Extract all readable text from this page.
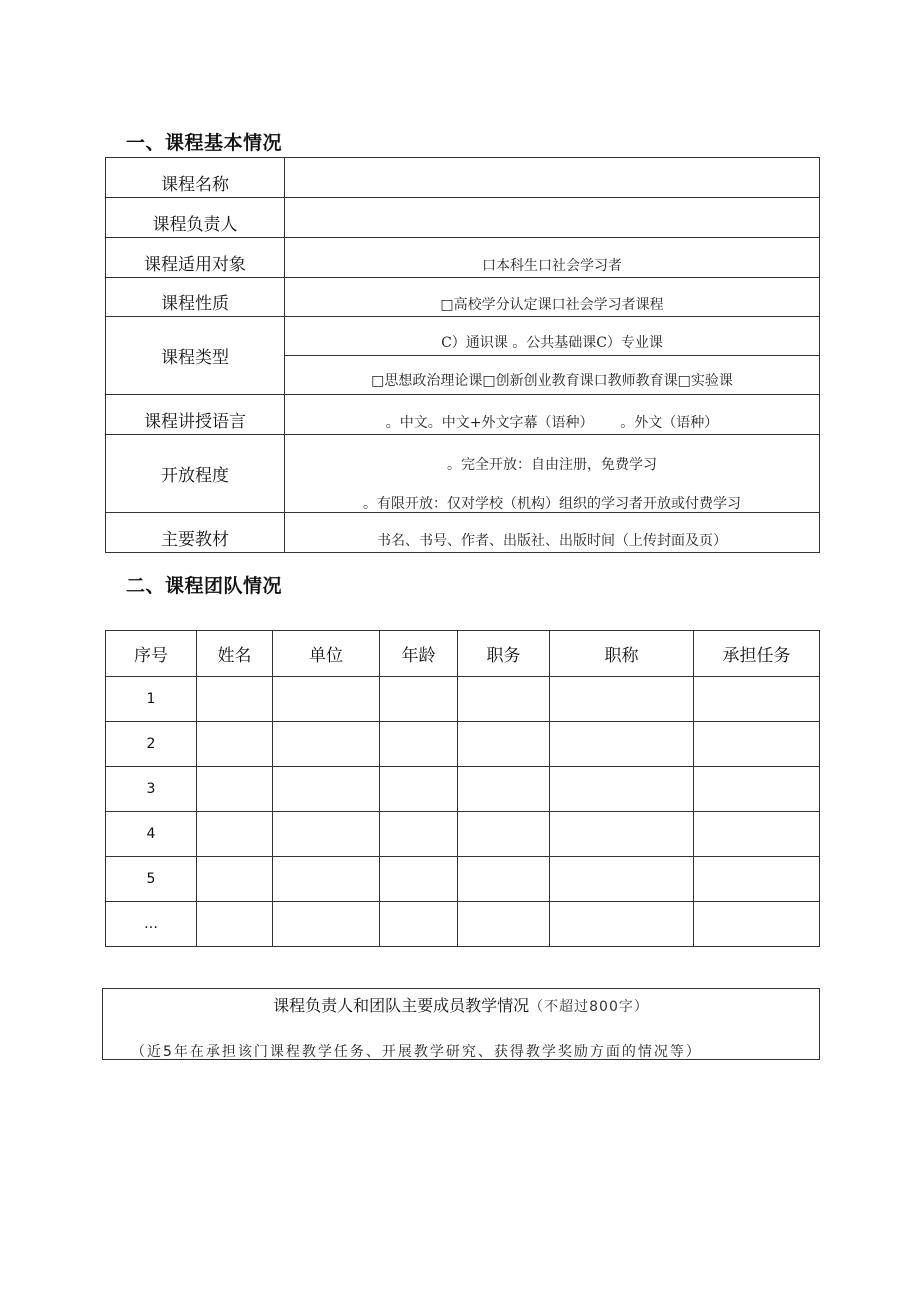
一、课程基本情况
课程名称	
课程负责人	
课程适用对象	口本科生口社会学习者
课程性质	□高校学分认定课口社会学习者课程
课程类型	C）通识课 。公共基础课C）专业课
	□思想政治理论课□创新创业教育课口教师教育课□实验课
课程讲授语言	。中文。中文+外文字幕（语种）      。外文（语种）
开放程度	。完全开放：自由注册，免费学习
。有限开放：仅对学校（机构）组织的学习者开放或付费学习

主要教材	书名、书号、作者、出版社、出版时间（上传封面及页）
二、课程团队情况
序号	姓名	单位	年龄	职务	职称	承担任务
1						
2						
3						
4						
5						
…						
课程负责人和团队主要成员教学情况（不超过800字）
（近5年在承担该门课程教学任务、开展教学研究、获得教学奖励方面的情况等）
